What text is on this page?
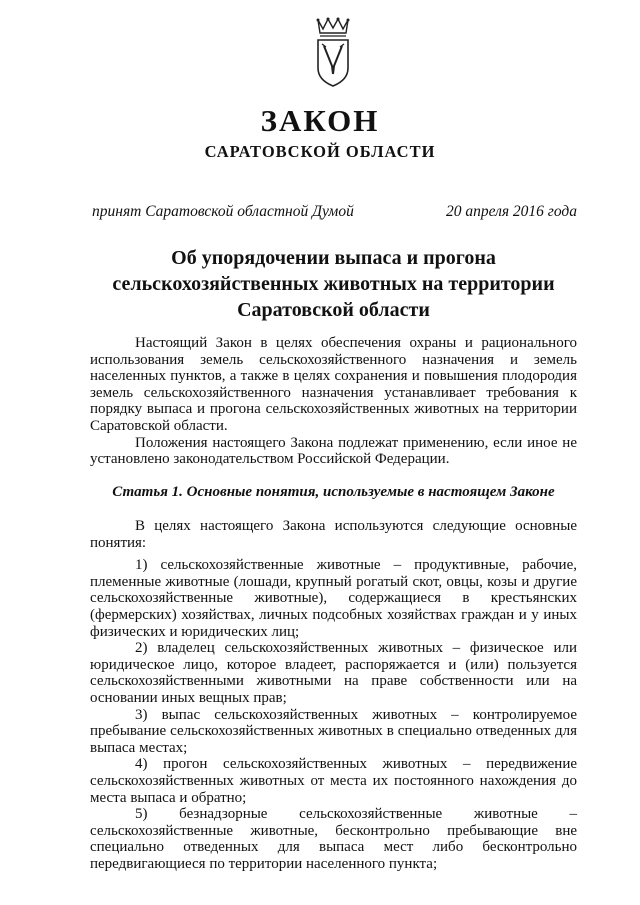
ЗАКОН
САРАТОВСКОЙ ОБЛАСТИ
принят Саратовской областной Думой	20 апреля 2016 года
Об упорядочении выпаса и прогона
сельскохозяйственных животных на территории
Саратовской области

Настоящий Закон в целях обеспечения охраны и рационального использования земель сельскохозяйственного назначения и земель населенных пунктов, а также в целях сохранения и повышения плодородия земель сельскохозяйственного назначения устанавливает требования к порядку выпаса и прогона сельскохозяйственных животных на территории Саратовской области.

Положения настоящего Закона подлежат применению, если иное не установлено законодательством Российской Федерации.

Статья 1. Основные понятия, используемые в настоящем Законе

В целях настоящего Закона используются следующие основные понятия:

1) сельскохозяйственные животные – продуктивные, рабочие, племенные животные (лошади, крупный рогатый скот, овцы, козы и другие сельскохозяйственные животные), содержащиеся в крестьянских (фермерских) хозяйствах, личных подсобных хозяйствах граждан и у иных физических и юридических лиц;

2) владелец сельскохозяйственных животных – физическое или юридическое лицо, которое владеет, распоряжается и (или) пользуется сельскохозяйственными животными на праве собственности или на основании иных вещных прав;

3) выпас сельскохозяйственных животных – контролируемое пребывание сельскохозяйственных животных в специально отведенных для выпаса местах;

4) прогон сельскохозяйственных животных – передвижение сельскохозяйственных животных от места их постоянного нахождения до места выпаса и обратно;

5) безнадзорные сельскохозяйственные животные – сельскохозяйственные животные, бесконтрольно пребывающие вне специально отведенных для выпаса мест либо бесконтрольно передвигающиеся по территории населенного пункта;
